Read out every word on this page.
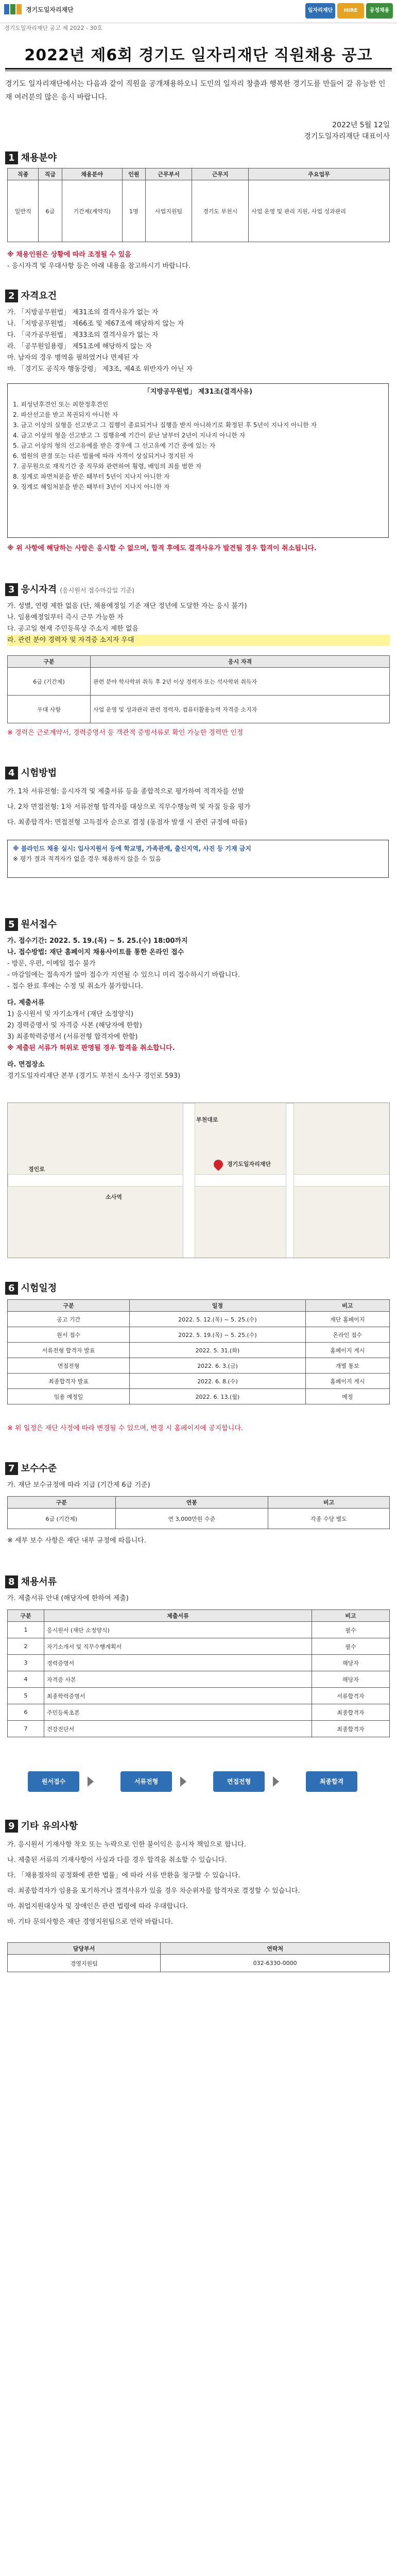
경기도일자리재단	일자리재단	HIRE	공정채용
경기도일자리재단 공고 제 2022 - 30호
2022년 제6회 경기도 일자리재단 직원채용 공고
경기도 일자리재단에서는 다음과 같이 직원을 공개채용하오니 도민의 일자리 창출과 행복한 경기도를 만들어 갈 유능한 인재 여러분의 많은 응시 바랍니다.
2022년 5월 12일
경기도일자리재단 대표이사
1 채용분야
직종	직급	채용분야	인원	근무부서	근무지	주요업무
일반직	6급	기간제(계약직)	1명	사업지원팀	경기도 부천시	사업 운영 및 관리 지원, 사업 성과관리
※ 채용인원은 상황에 따라 조정될 수 있음
- 응시자격 및 우대사항 등은 아래 내용을 참고하시기 바랍니다.
2 자격요건
가. 「지방공무원법」 제31조의 결격사유가 없는 자
나. 「지방공무원법」 제66조 및 제67조에 해당하지 않는 자
다. 「국가공무원법」 제33조의 결격사유가 없는 자
라. 「공무원임용령」 제51조에 해당하지 않는 자
마. 남자의 경우 병역을 필하였거나 면제된 자
바. 「경기도 공직자 행동강령」 제3조, 제4조 위반자가 아닌 자
「지방공무원법」 제31조(결격사유)
1. 피성년후견인 또는 피한정후견인
2. 파산선고를 받고 복권되지 아니한 자
3. 금고 이상의 실형을 선고받고 그 집행이 종료되거나 집행을 받지 아니하기로 확정된 후 5년이 지나지 아니한 자
4. 금고 이상의 형을 선고받고 그 집행유예 기간이 끝난 날부터 2년이 지나지 아니한 자
5. 금고 이상의 형의 선고유예를 받은 경우에 그 선고유예 기간 중에 있는 자
6. 법원의 판결 또는 다른 법률에 따라 자격이 상실되거나 정지된 자
7. 공무원으로 재직기간 중 직무와 관련하여 횡령, 배임의 죄를 범한 자
8. 징계로 파면처분을 받은 때부터 5년이 지나지 아니한 자
9. 징계로 해임처분을 받은 때부터 3년이 지나지 아니한 자
※ 위 사항에 해당하는 사람은 응시할 수 없으며, 합격 후에도 결격사유가 발견될 경우 합격이 취소됩니다.
3 응시자격 (응시원서 접수마감일 기준)
가. 성별, 연령 제한 없음 (단, 채용예정일 기준 재단 정년에 도달한 자는 응시 불가)
나. 임용예정일부터 즉시 근무 가능한 자
다. 공고일 현재 주민등록상 주소지 제한 없음
라. 관련 분야 경력자 및 자격증 소지자 우대
구분	응시 자격
6급 (기간제)	관련 분야 학사학위 취득 후 2년 이상 경력자 또는 석사학위 취득자
우대 사항	사업 운영 및 성과관리 관련 경력자, 컴퓨터활용능력 자격증 소지자
※ 경력은 근로계약서, 경력증명서 등 객관적 증빙서류로 확인 가능한 경력만 인정
4 시험방법
가. 1차 서류전형: 응시자격 및 제출서류 등을 종합적으로 평가하여 적격자를 선발
나. 2차 면접전형: 1차 서류전형 합격자를 대상으로 직무수행능력 및 자질 등을 평가
다. 최종합격자: 면접전형 고득점자 순으로 결정 (동점자 발생 시 관련 규정에 따름)
※ 블라인드 채용 실시: 입사지원서 등에 학교명, 가족관계, 출신지역, 사진 등 기재 금지
※ 평가 결과 적격자가 없을 경우 채용하지 않을 수 있음
5 원서접수
가. 접수기간: 2022. 5. 19.(목) ~ 5. 25.(수) 18:00까지
나. 접수방법: 재단 홈페이지 채용사이트를 통한 온라인 접수
- 방문, 우편, 이메일 접수 불가
- 마감일에는 접속자가 많아 접수가 지연될 수 있으니 미리 접수하시기 바랍니다.
- 접수 완료 후에는 수정 및 취소가 불가합니다.
다. 제출서류
1) 응시원서 및 자기소개서 (재단 소정양식)
2) 경력증명서 및 자격증 사본 (해당자에 한함)
3) 최종학력증명서 (서류전형 합격자에 한함)
※ 제출된 서류가 허위로 판명될 경우 합격을 취소합니다.
라. 면접장소
경기도일자리재단 본부 (경기도 부천시 소사구 경인로 593)
경기도일자리재단
소사역
경인로
부천대로
6 시험일정
구분	일정	비고
공고 기간	2022. 5. 12.(목) ~ 5. 25.(수)	재단 홈페이지
원서 접수	2022. 5. 19.(목) ~ 5. 25.(수)	온라인 접수
서류전형 합격자 발표	2022. 5. 31.(화)	홈페이지 게시
면접전형	2022. 6. 3.(금)	개별 통보
최종합격자 발표	2022. 6. 8.(수)	홈페이지 게시
임용 예정일	2022. 6. 13.(월)	예정
※ 위 일정은 재단 사정에 따라 변경될 수 있으며, 변경 시 홈페이지에 공지합니다.
7 보수수준
가. 재단 보수규정에 따라 지급 (기간제 6급 기준)
구분	연봉	비고
6급 (기간제)	연 3,000만원 수준	각종 수당 별도
※ 세부 보수 사항은 재단 내부 규정에 따릅니다.
8 채용서류
가. 제출서류 안내 (해당자에 한하여 제출)
구분	제출서류	비고
1	응시원서 (재단 소정양식)	필수
2	자기소개서 및 직무수행계획서	필수
3	경력증명서	해당자
4	자격증 사본	해당자
5	최종학력증명서	서류합격자
6	주민등록초본	최종합격자
7	건강진단서	최종합격자
원서접수	서류전형	면접전형	최종합격
9 기타 유의사항
가. 응시원서 기재사항 착오 또는 누락으로 인한 불이익은 응시자 책임으로 합니다.
나. 제출된 서류의 기재사항이 사실과 다를 경우 합격을 취소할 수 있습니다.
다. 「채용절차의 공정화에 관한 법률」에 따라 서류 반환을 청구할 수 있습니다.
라. 최종합격자가 임용을 포기하거나 결격사유가 있을 경우 차순위자를 합격자로 결정할 수 있습니다.
마. 취업지원대상자 및 장애인은 관련 법령에 따라 우대합니다.
바. 기타 문의사항은 재단 경영지원팀으로 연락 바랍니다.
담당부서	연락처
경영지원팀	032-6330-0000
